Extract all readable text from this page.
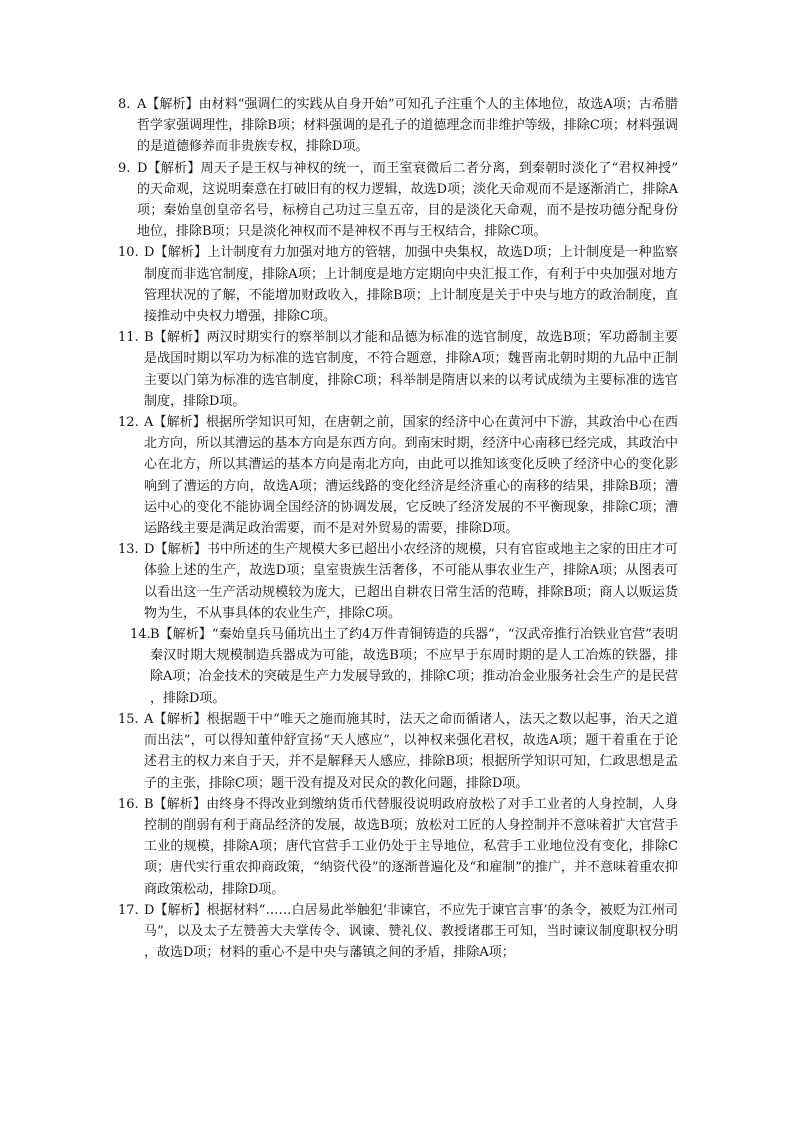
8. A【解析】由材料“强调仁的实践从自身开始”可知孔子注重个人的主体地位，故选A项；古希腊哲学家强调理性，排除B项；材料强调的是孔子的道德理念而非维护等级，排除C项；材料强调的是道德修养而非贵族专权，排除D项。
9. D【解析】周天子是王权与神权的统一，而王室衰微后二者分离，到秦朝时淡化了“君权神授”的天命观，这说明秦意在打破旧有的权力逻辑，故选D项；淡化天命观而不是逐渐消亡，排除A项；秦始皇创皇帝名号，标榜自己功过三皇五帝，目的是淡化天命观，而不是按功德分配身份地位，排除B项；只是淡化神权而不是神权不再与王权结合，排除C项。
10. D【解析】上计制度有力加强对地方的管辖，加强中央集权，故选D项；上计制度是一种监察制度而非选官制度，排除A项；上计制度是地方定期向中央汇报工作，有利于中央加强对地方管理状况的了解，不能增加财政收入，排除B项；上计制度是关于中央与地方的政治制度，直接推动中央权力增强，排除C项。
11. B【解析】两汉时期实行的察举制以才能和品德为标准的选官制度，故选B项；军功爵制主要是战国时期以军功为标准的选官制度，不符合题意，排除A项；魏晋南北朝时期的九品中正制主要以门第为标准的选官制度，排除C项；科举制是隋唐以来的以考试成绩为主要标准的选官制度，排除D项。
12. A【解析】根据所学知识可知，在唐朝之前，国家的经济中心在黄河中下游，其政治中心在西北方向，所以其漕运的基本方向是东西方向。到南宋时期，经济中心南移已经完成，其政治中心在北方，所以其漕运的基本方向是南北方向，由此可以推知该变化反映了经济中心的变化影响到了漕运的方向，故选A项；漕运线路的变化经济是经济重心的南移的结果，排除B项；漕运中心的变化不能协调全国经济的协调发展，它反映了经济发展的不平衡现象，排除C项；漕运路线主要是满足政治需要，而不是对外贸易的需要，排除D项。
13. D【解析】书中所述的生产规模大多已超出小农经济的规模，只有官宦或地主之家的田庄才可体验上述的生产，故选D项；皇室贵族生活奢侈，不可能从事农业生产，排除A项；从图表可以看出这一生产活动规模较为庞大，已超出自耕农日常生活的范畴，排除B项；商人以贩运货物为生，不从事具体的农业生产，排除C项。
14. B【解析】“秦始皇兵马俑坑出土了约4万件青铜铸造的兵器”，“汉武帝推行冶铁业官营”表明秦汉时期大规模制造兵器成为可能，故选B项；不应早于东周时期的是人工冶炼的铁器，排除A项；冶金技术的突破是生产力发展导致的，排除C项；推动冶金业服务社会生产的是民营，排除D项。
15. A【解析】根据题干中“唯天之施而施其时，法天之命而循诸人，法天之数以起事，治天之道而出法”，可以得知董仲舒宣扬“天人感应”，以神权来强化君权，故选A项；题干着重在于论述君主的权力来自于天，并不是解释天人感应，排除B项；根据所学知识可知，仁政思想是孟子的主张，排除C项；题干没有提及对民众的教化问题，排除D项。
16. B【解析】由终身不得改业到缴纳货币代替服役说明政府放松了对手工业者的人身控制，人身控制的削弱有利于商品经济的发展，故选B项；放松对工匠的人身控制并不意味着扩大官营手工业的规模，排除A项；唐代官营手工业仍处于主导地位，私营手工业地位没有变化，排除C项；唐代实行重农抑商政策，“纳资代役”的逐渐普遍化及“和雇制”的推广，并不意味着重农抑商政策松动，排除D项。
17. D【解析】根据材料“……白居易此举触犯‘非谏官，不应先于谏官言事’的条令，被贬为江州司马”，以及太子左赞善大夫掌传令、讽谏、赞礼仪、教授诸郡王可知，当时谏议制度职权分明，故选D项；材料的重心不是中央与藩镇之间的矛盾，排除A项；
